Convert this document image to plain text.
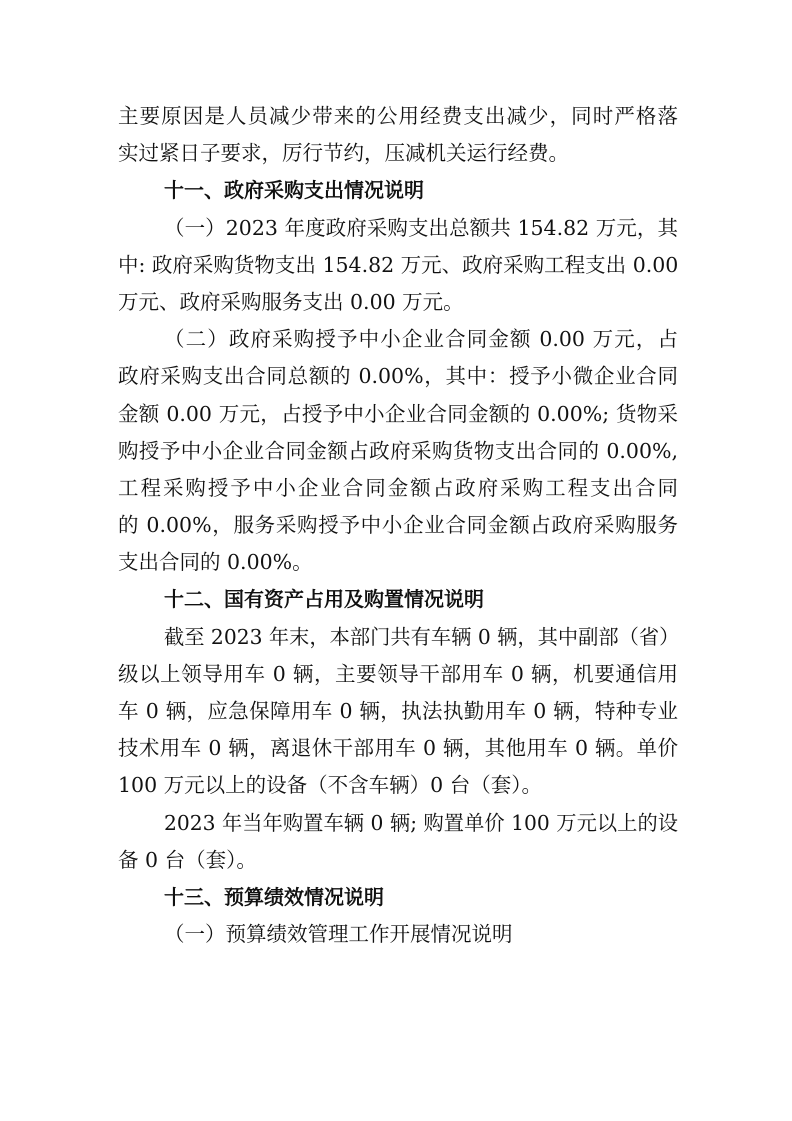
主要原因是人员减少带来的公用经费支出减少，同时严格落
实过紧日子要求，厉行节约，压减机关运行经费。
十一、政府采购支出情况说明
（一）2023 年度政府采购支出总额共 154.82 万元，其
中: 政府采购货物支出 154.82 万元、政府采购工程支出 0.00
万元、政府采购服务支出 0.00 万元。
（二）政府采购授予中小企业合同金额 0.00 万元，占
政府采购支出合同总额的 0.00%，其中：授予小微企业合同
金额 0.00 万元，占授予中小企业合同金额的 0.00%; 货物采
购授予中小企业合同金额占政府采购货物支出合同的 0.00%,
工程采购授予中小企业合同金额占政府采购工程支出合同
的 0.00%，服务采购授予中小企业合同金额占政府采购服务
支出合同的 0.00%。
十二、国有资产占用及购置情况说明
截至 2023 年末，本部门共有车辆 0 辆，其中副部（省）
级以上领导用车 0 辆，主要领导干部用车 0 辆，机要通信用
车 0 辆，应急保障用车 0 辆，执法执勤用车 0 辆，特种专业
技术用车 0 辆，离退休干部用车 0 辆，其他用车 0 辆。单价
100 万元以上的设备（不含车辆）0 台（套）。
2023 年当年购置车辆 0 辆; 购置单价 100 万元以上的设
备 0 台（套）。
十三、预算绩效情况说明
（一）预算绩效管理工作开展情况说明
